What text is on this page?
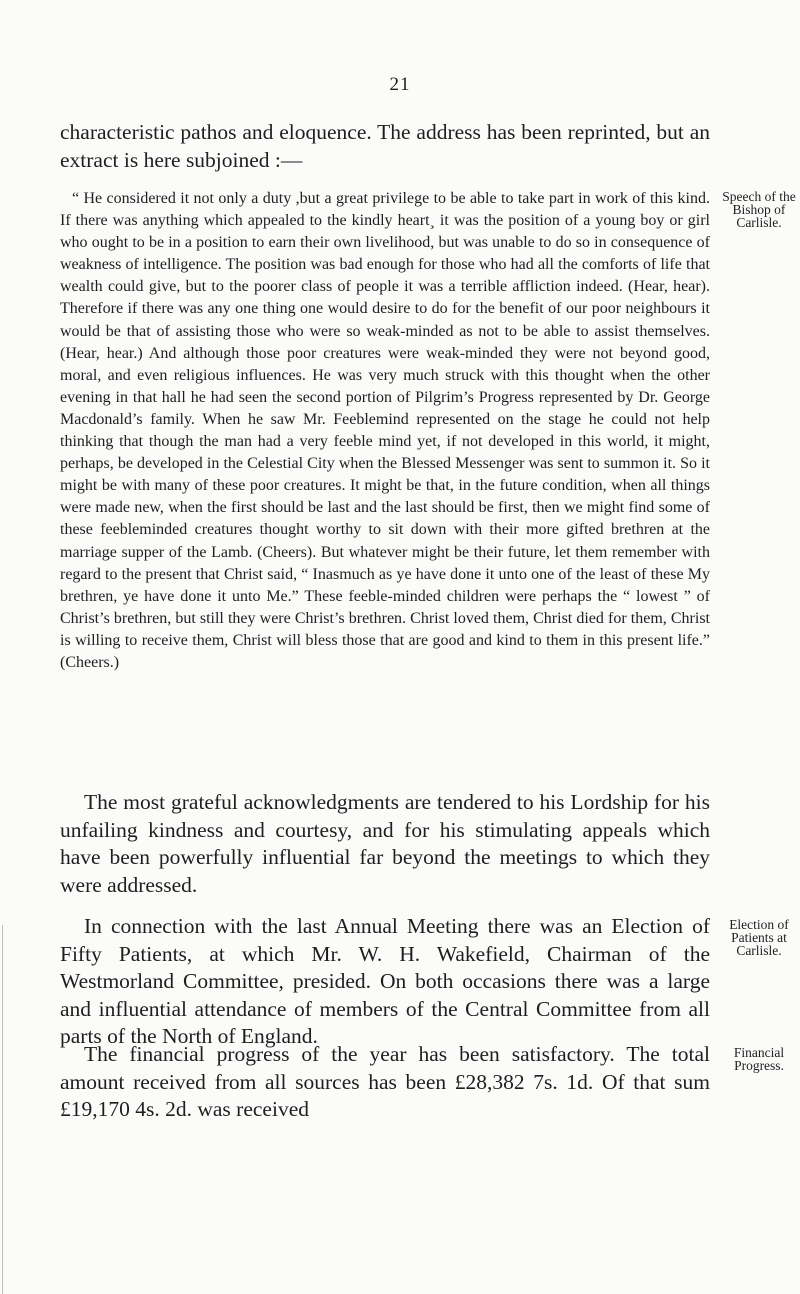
21

characteristic pathos and eloquence. The address has been reprinted, but an extract is here subjoined :—

“ He considered it not only a duty ,but a great privilege to be able to take part in work of this kind. If there was anything which appealed to the kindly heart¸ it was the position of a young boy or girl who ought to be in a position to earn their own livelihood, but was unable to do so in consequence of weakness of intelligence. The position was bad enough for those who had all the comforts of life that wealth could give, but to the poorer class of people it was a terrible affliction indeed. (Hear, hear). Therefore if there was any one thing one would desire to do for the benefit of our poor neighbours it would be that of assisting those who were so weak-minded as not to be able to assist themselves. (Hear, hear.) And although those poor creatures were weak-minded they were not beyond good, moral, and even religious influences. He was very much struck with this thought when the other evening in that hall he had seen the second portion of Pilgrim’s Progress represented by Dr. George Macdonald’s family. When he saw Mr. Feeblemind represented on the stage he could not help thinking that though the man had a very feeble mind yet, if not developed in this world, it might, perhaps, be developed in the Celestial City when the Blessed Messenger was sent to summon it. So it might be with many of these poor creatures. It might be that, in the future condition, when all things were made new, when the first should be last and the last should be first, then we might find some of these feebleminded creatures thought worthy to sit down with their more gifted brethren at the marriage supper of the Lamb. (Cheers). But whatever might be their future, let them remember with regard to the present that Christ said, “ Inasmuch as ye have done it unto one of the least of these My brethren, ye have done it unto Me.” These feeble-minded children were perhaps the “ lowest ” of Christ’s brethren, but still they were Christ’s brethren. Christ loved them, Christ died for them, Christ is willing to receive them, Christ will bless those that are good and kind to them in this present life.” (Cheers.)

The most grateful acknowledgments are tendered to his Lordship for his unfailing kindness and courtesy, and for his stimulating appeals which have been powerfully influential far beyond the meetings to which they were addressed.

In connection with the last Annual Meeting there was an Election of Fifty Patients, at which Mr. W. H. Wakefield, Chairman of the Westmorland Committee, presided. On both occasions there was a large and influential attendance of members of the Central Committee from all parts of the North of England.

The financial progress of the year has been satisfactory. The total amount received from all sources has been £28,382 7s. 1d. Of that sum £19,170 4s. 2d. was received

Speech of the Bishop of Carlisle.
Election of Patients at Carlisle.
Financial Progress.
